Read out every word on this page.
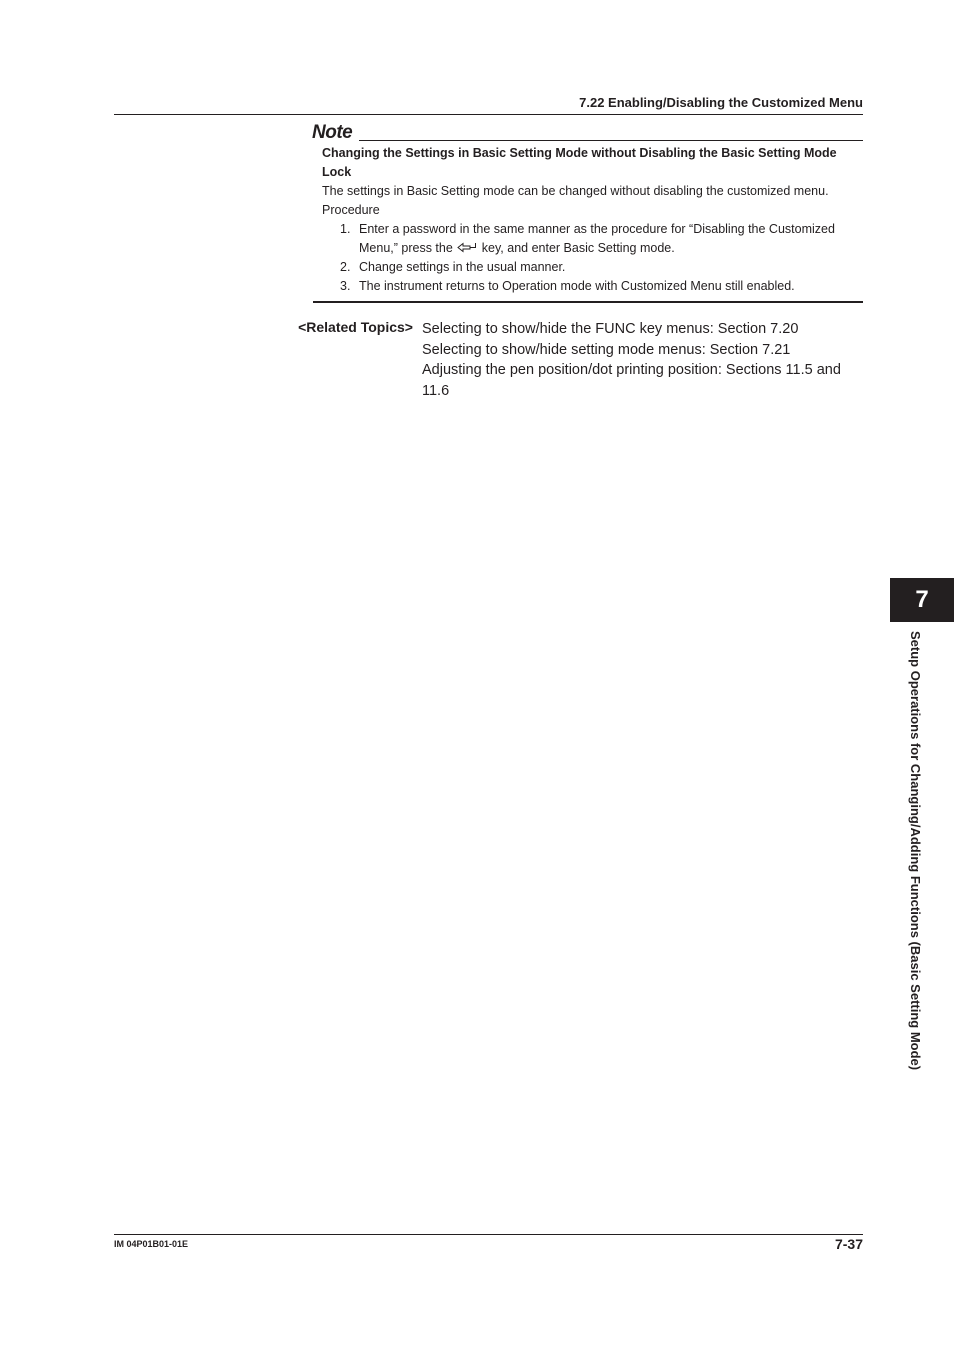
7.22 Enabling/Disabling the Customized Menu
Note
Changing the Settings in Basic Setting Mode without Disabling the Basic Setting Mode Lock
The settings in Basic Setting mode can be changed without disabling the customized menu.
Procedure
1. Enter a password in the same manner as the procedure for “Disabling the Customized Menu,” press the key, and enter Basic Setting mode.
2. Change settings in the usual manner.
3. The instrument returns to Operation mode with Customized Menu still enabled.
<Related Topics> Selecting to show/hide the FUNC key menus: Section 7.20
Selecting to show/hide setting mode menus: Section 7.21
Adjusting the pen position/dot printing position: Sections 11.5 and 11.6
7
Setup Operations for Changing/Adding Functions (Basic Setting Mode)
IM 04P01B01-01E	7-37
